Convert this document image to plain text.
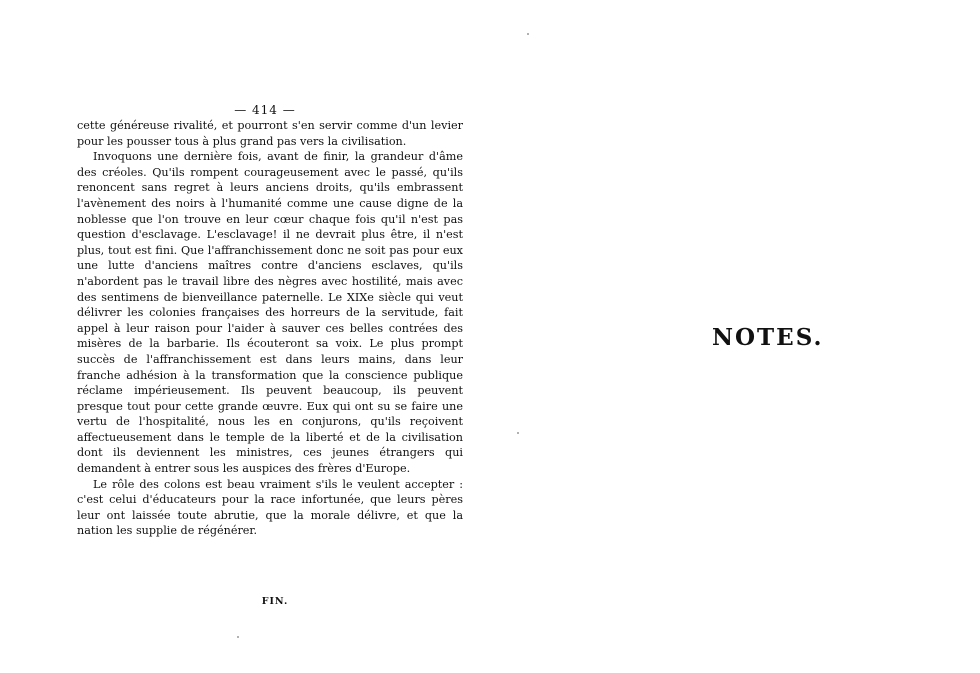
— 414 —

cette généreuse rivalité, et pourront s'en servir comme d'un levier pour les pousser tous à plus grand pas vers la civilisation.

Invoquons une dernière fois, avant de finir, la grandeur d'âme des créoles. Qu'ils rompent courageusement avec le passé, qu'ils renoncent sans regret à leurs anciens droits, qu'ils embrassent l'avènement des noirs à l'humanité comme une cause digne de la noblesse que l'on trouve en leur cœur chaque fois qu'il n'est pas question d'esclavage. L'esclavage! il ne devrait plus être, il n'est plus, tout est fini. Que l'affranchissement donc ne soit pas pour eux une lutte d'anciens maîtres contre d'anciens esclaves, qu'ils n'abordent pas le travail libre des nègres avec hostilité, mais avec des sentimens de bienveillance paternelle. Le XIXe siècle qui veut délivrer les colonies françaises des horreurs de la servitude, fait appel à leur raison pour l'aider à sauver ces belles contrées des misères de la barbarie. Ils écouteront sa voix. Le plus prompt succès de l'affranchissement est dans leurs mains, dans leur franche adhésion à la transformation que la conscience publique réclame impérieusement. Ils peuvent beaucoup, ils peuvent presque tout pour cette grande œuvre. Eux qui ont su se faire une vertu de l'hospitalité, nous les en conjurons, qu'ils reçoivent affectueusement dans le temple de la liberté et de la civilisation dont ils deviennent les ministres, ces jeunes étrangers qui demandent à entrer sous les auspices des frères d'Europe.

Le rôle des colons est beau vraiment s'ils le veulent accepter : c'est celui d'éducateurs pour la race infortunée, que leurs pères leur ont laissée toute abrutie, que la morale délivre, et que la nation les supplie de régénérer.

FIN.
NOTES.
